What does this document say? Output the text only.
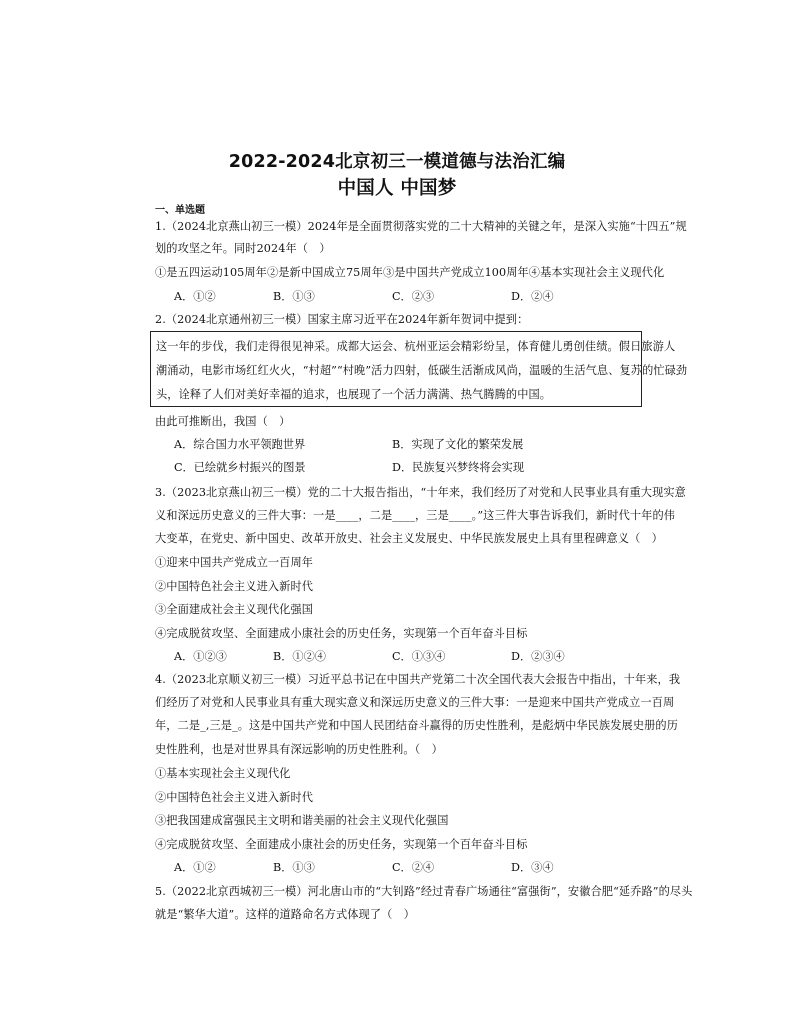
2022-2024北京初三一模道德与法治汇编
中国人 中国梦
一、单选题
1.（2024北京燕山初三一模）2024年是全面贯彻落实党的二十大精神的关键之年，是深入实施“十四五”规
划的攻坚之年。同时2024年（　）
①是五四运动105周年②是新中国成立75周年③是中国共产党成立100周年④基本实现社会主义现代化
A．①②	B．①③	C．②③	D．②④
2.（2024北京通州初三一模）国家主席习近平在2024年新年贺词中提到：
这一年的步伐，我们走得很见神采。成都大运会、杭州亚运会精彩纷呈，体育健儿勇创佳绩。假日旅游人
潮涌动，电影市场红红火火，“村超”“村晚”活力四射，低碳生活渐成风尚，温暖的生活气息、复苏的忙碌劲
头，诠释了人们对美好幸福的追求，也展现了一个活力满满、热气腾腾的中国。
由此可推断出，我国（　）
A．综合国力水平领跑世界	B．实现了文化的繁荣发展
C．已绘就乡村振兴的图景	D．民族复兴梦终将会实现
3.（2023北京燕山初三一模）党的二十大报告指出，“十年来，我们经历了对党和人民事业具有重大现实意
义和深远历史意义的三件大事：一是____，二是____，三是____。”这三件大事告诉我们，新时代十年的伟
大变革，在党史、新中国史、改革开放史、社会主义发展史、中华民族发展史上具有里程碑意义（　）
①迎来中国共产党成立一百周年
②中国特色社会主义进入新时代
③全面建成社会主义现代化强国
④完成脱贫攻坚、全面建成小康社会的历史任务，实现第一个百年奋斗目标
A．①②③	B．①②④	C．①③④	D．②③④
4.（2023北京顺义初三一模）习近平总书记在中国共产党第二十次全国代表大会报告中指出，十年来，我
们经历了对党和人民事业具有重大现实意义和深远历史意义的三件大事：一是迎来中国共产党成立一百周
年，二是_,三是_。这是中国共产党和中国人民团结奋斗赢得的历史性胜利，是彪炳中华民族发展史册的历
史性胜利，也是对世界具有深远影响的历史性胜利。（　）
①基本实现社会主义现代化
②中国特色社会主义进入新时代
③把我国建成富强民主文明和谐美丽的社会主义现代化强国
④完成脱贫攻坚、全面建成小康社会的历史任务，实现第一个百年奋斗目标
A．①②	B．①③	C．②④	D．③④
5.（2022北京西城初三一模）河北唐山市的“大钊路”经过青春广场通往“富强街”，安徽合肥“延乔路”的尽头
就是“繁华大道”。这样的道路命名方式体现了（　）
